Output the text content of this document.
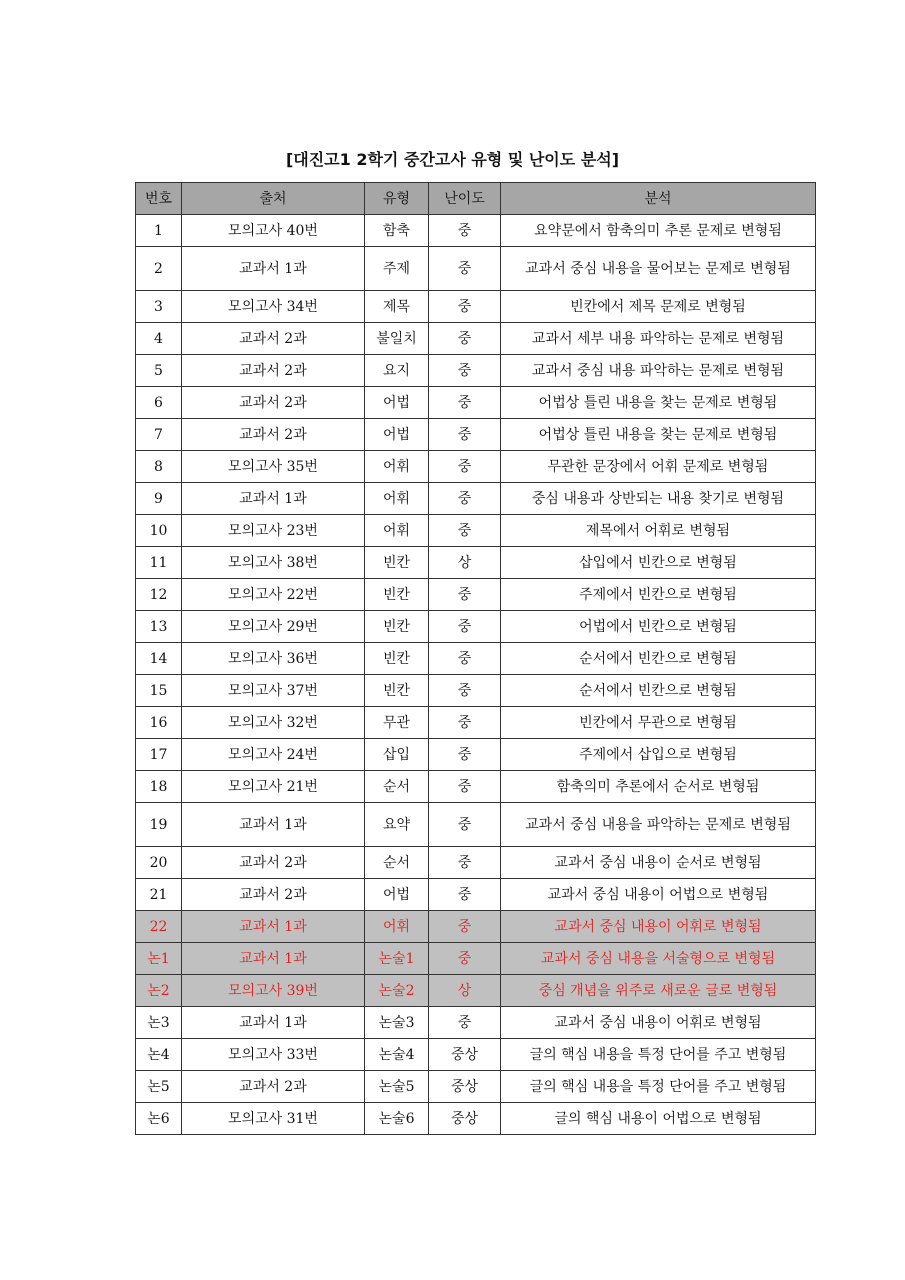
[대진고1 2학기 중간고사 유형 및 난이도 분석]
번호	출처	유형	난이도	분석
1	모의고사 40번	함축	중	요약문에서 함축의미 추론 문제로 변형됨
2	교과서 1과	주제	중	교과서 중심 내용을 물어보는 문제로 변형됨
3	모의고사 34번	제목	중	빈칸에서 제목 문제로 변형됨
4	교과서 2과	불일치	중	교과서 세부 내용 파악하는 문제로 변형됨
5	교과서 2과	요지	중	교과서 중심 내용 파악하는 문제로 변형됨
6	교과서 2과	어법	중	어법상 틀린 내용을 찾는 문제로 변형됨
7	교과서 2과	어법	중	어법상 틀린 내용을 찾는 문제로 변형됨
8	모의고사 35번	어휘	중	무관한 문장에서 어휘 문제로 변형됨
9	교과서 1과	어휘	중	중심 내용과 상반되는 내용 찾기로 변형됨
10	모의고사 23번	어휘	중	제목에서 어휘로 변형됨
11	모의고사 38번	빈칸	상	삽입에서 빈칸으로 변형됨
12	모의고사 22번	빈칸	중	주제에서 빈칸으로 변형됨
13	모의고사 29번	빈칸	중	어법에서 빈칸으로 변형됨
14	모의고사 36번	빈칸	중	순서에서 빈칸으로 변형됨
15	모의고사 37번	빈칸	중	순서에서 빈칸으로 변형됨
16	모의고사 32번	무관	중	빈칸에서 무관으로 변형됨
17	모의고사 24번	삽입	중	주제에서 삽입으로 변형됨
18	모의고사 21번	순서	중	함축의미 추론에서 순서로 변형됨
19	교과서 1과	요약	중	교과서 중심 내용을 파악하는 문제로 변형됨
20	교과서 2과	순서	중	교과서 중심 내용이 순서로 변형됨
21	교과서 2과	어법	중	교과서 중심 내용이 어법으로 변형됨
22	교과서 1과	어휘	중	교과서 중심 내용이 어휘로 변형됨
논1	교과서 1과	논술1	중	교과서 중심 내용을 서술형으로 변형됨
논2	모의고사 39번	논술2	상	중심 개념을 위주로 새로운 글로 변형됨
논3	교과서 1과	논술3	중	교과서 중심 내용이 어휘로 변형됨
논4	모의고사 33번	논술4	중상	글의 핵심 내용을 특정 단어를 주고 변형됨
논5	교과서 2과	논술5	중상	글의 핵심 내용을 특정 단어를 주고 변형됨
논6	모의고사 31번	논술6	중상	글의 핵심 내용이 어법으로 변형됨
